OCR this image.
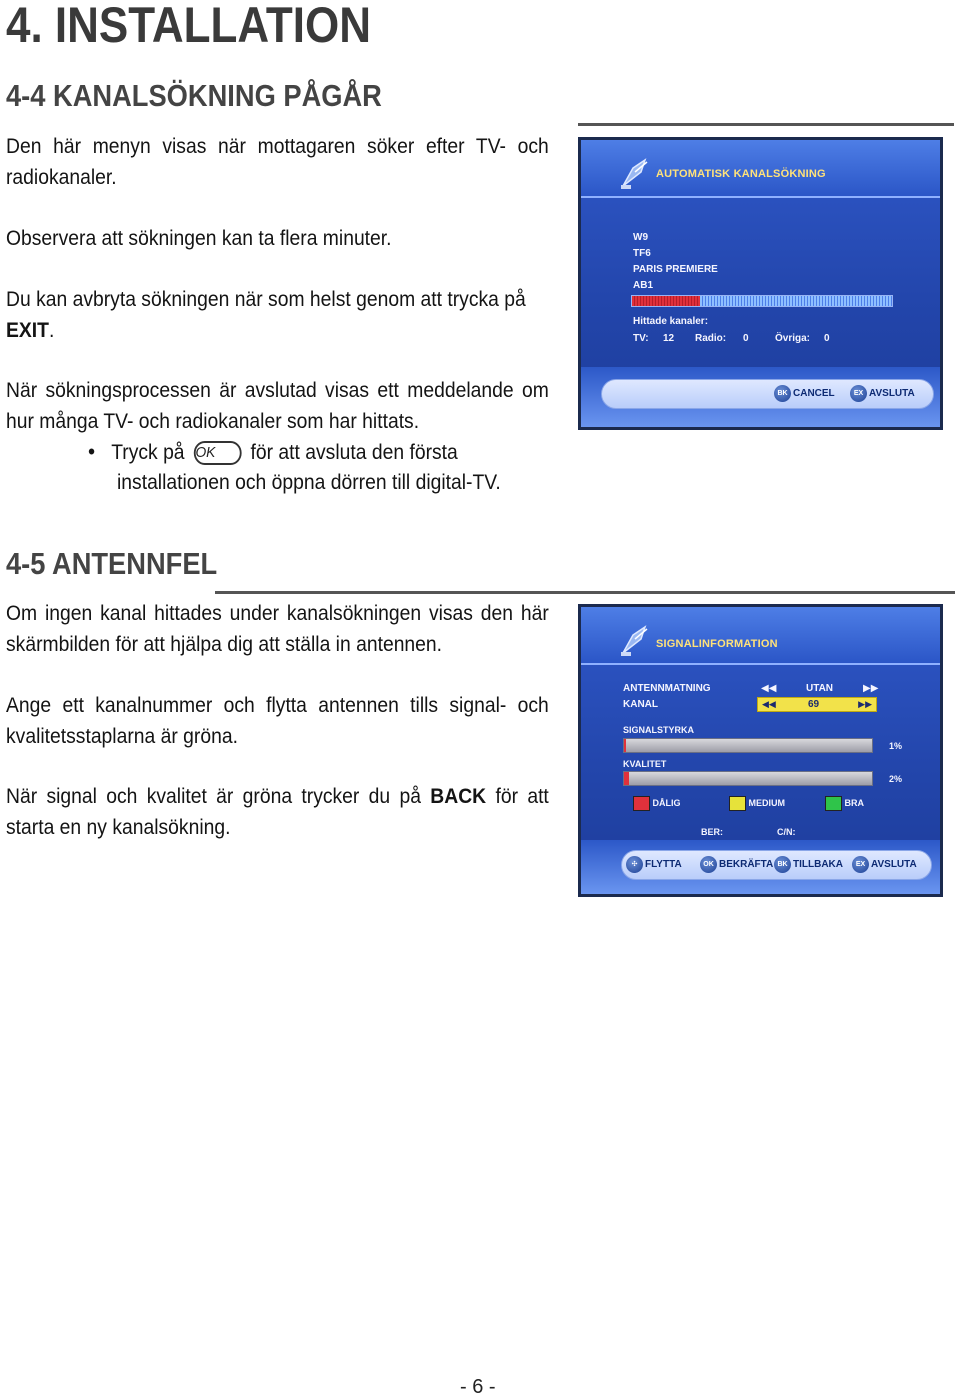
4. INSTALLATION
4-4 KANALSÖKNING PÅGÅR
Den här menyn visas när mottagaren söker efter TV- och radiokanaler.
Observera att sökningen kan ta flera minuter.
Du kan avbryta sökningen när som helst genom att trycka på
EXIT.
När sökningsprocessen är avslutad visas ett meddelande om hur många TV- och radiokanaler som har hittats.
• Tryck på OK för att avsluta den första
installationen och öppna dörren till digital-TV.
AUTOMATISK KANALSÖKNING
W9
TF6
PARIS PREMIERE
AB1
Hittade kanaler:
TV: 12 Radio: 0	Övriga: 0
BK CANCEL	EX AVSLUTA
4-5 ANTENNFEL
Om ingen kanal hittades under kanalsökningen visas den här skärmbilden för att hjälpa dig att ställa in antennen.
Ange ett kanalnummer och flytta antennen tills signal- och kvalitetsstaplarna är gröna.
När signal och kvalitet är gröna trycker du på BACK för att starta en ny kanalsökning.
SIGNALINFORMATION
ANTENNMATNING	◀◀	UTAN	▶▶
KANAL	◀◀	69	▶▶
SIGNALSTYRKA
1%
KVALITET
2%
DÅLIG	MEDIUM	BRA
BER:	C/N:
✣ FLYTTA	OK BEKRÄFTA BK TILLBAKA	EX AVSLUTA
- 6 -
